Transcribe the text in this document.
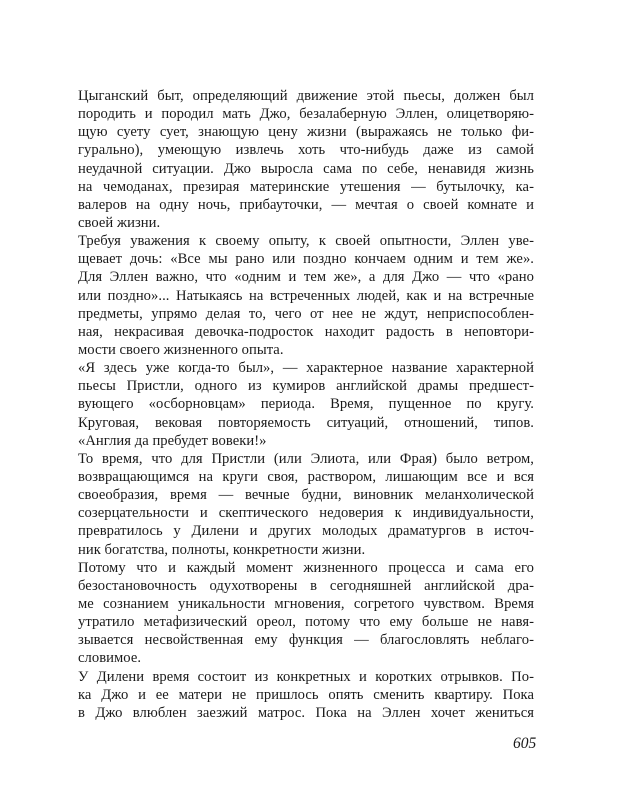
Цыганский быт, определяющий движение этой пьесы, должен был
породить и породил мать Джо, безалаберную Эллен, олицетворяю-
щую суету сует, знающую цену жизни (выражаясь не только фи-
гурально), умеющую извлечь хоть что-нибудь даже из самой
неудачной ситуации. Джо выросла сама по себе, ненавидя жизнь
на чемоданах, презирая материнские утешения — бутылочку, ка-
валеров на одну ночь, прибауточки, — мечтая о своей комнате и
своей жизни.
Требуя уважения к своему опыту, к своей опытности, Эллен уве-
щевает дочь: «Все мы рано или поздно кончаем одним и тем же».
Для Эллен важно, что «одним и тем же», а для Джо — что «рано
или поздно»... Натыкаясь на встреченных людей, как и на встречные
предметы, упрямо делая то, чего от нее не ждут, неприспособлен-
ная, некрасивая девочка-подросток находит радость в неповтори-
мости своего жизненного опыта.
«Я здесь уже когда-то был», — характерное название характерной
пьесы Пристли, одного из кумиров английской драмы предшест-
вующего «осборновцам» периода. Время, пущенное по кругу.
Круговая, вековая повторяемость ситуаций, отношений, типов.
«Англия да пребудет вовеки!»
То время, что для Пристли (или Элиота, или Фрая) было ветром,
возвращающимся на круги своя, раствором, лишающим все и вся
своеобразия, время — вечные будни, виновник меланхолической
созерцательности и скептического недоверия к индивидуальности,
превратилось у Дилени и других молодых драматургов в источ-
ник богатства, полноты, конкретности жизни.
Потому что и каждый момент жизненного процесса и сама его
безостановочность одухотворены в сегодняшней английской дра-
ме сознанием уникальности мгновения, согретого чувством. Время
утратило метафизический ореол, потому что ему больше не навя-
зывается несвойственная ему функция — благословлять неблаго-
словимое.
У Дилени время состоит из конкретных и коротких отрывков. По-
ка Джо и ее матери не пришлось опять сменить квартиру. Пока
в Джо влюблен заезжий матрос. Пока на Эллен хочет жениться
605
